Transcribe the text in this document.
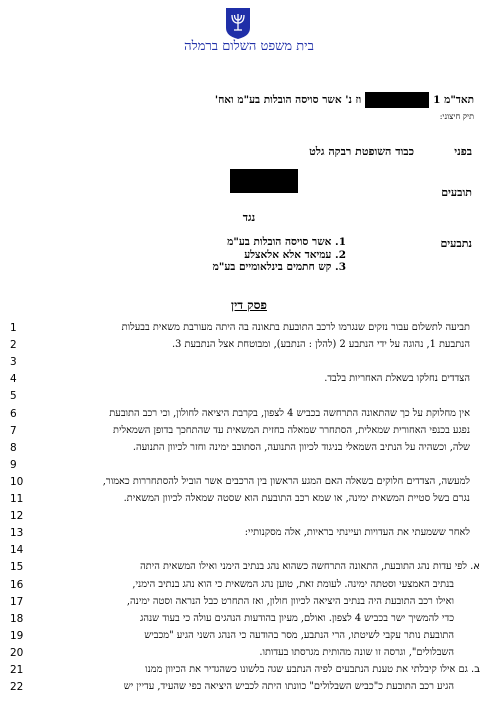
בית משפט השלום ברמלה
תאד"מ 1וז נ' אשר סויסה הובלות בע"מ ואח'
תיק חיצוני:
בפני
כבוד השופטת רבקה גלט
תובעים
נגד
נתבעים
1. אשר סויסה הובלות בע"מ
2. עמיאד אלא אלאצלע
3. קש חתמים בינלאומיים בע"מ
פסק דין
1	תביעה לתשלום עבור נזקים שנגרמו לרכב התובעת בתאונה בה היתה מעורבת משאית בבעלות
2	הנתבעת 1, נהוגה על ידי הנתבע 2 (להלן : הנתבע), ומבוטחת אצל הנתבעת 3.
3
4	הצדדים נחלקו בשאלת האחריות בלבד.
5
6	אין מחלוקת על כך שהתאונה התרחשה בכביש 4 לצפון, בקרבת היציאה לחולון, וכי רכב התובעת
7	נפגע בכנפי האחורית שמאלית, הסתחרר שמאלה בחזית המשאית עד שהתחכך בדופן השמאלית
8	שלה, וכשהיה על הנתיב השמאלי בניגוד לכיוון התנועה, הסתובב ימינה וחזר לכיוון התנועה.
9
10	למעשה, הצדדים חלוקים בשאלה האם המגע הראשון בין הרכבים אשר הוביל להסתחררות כאמור,
11	נגרם בשל סטיית המשאית ימינה, או שמא רכב התובעת הוא שסטה שמאלה לכיוון המשאית.
12
13	לאחר ששמעתי את העדויות ועיינתי בראיות, אלה מסקנותיי:
14
15	א. לפי עדות נהג התובעת, התאונה התרחשה כשהוא נהג בנתיב הימני ואילו המשאית היתה
16	בנתיב האמצעי וסטתה ימינה. לעומת זאת, טוען נהג המשאית כי הוא נהג בנתיב הימני,
17	ואילו רכב התובעת היה בנתיב היציאה לכיוון חולון, ואז התחרט כבל הנראה וסטה ימינה,
18	כדי להמשיך ישר בכביש 4 לצפון. ואולם, מעיון בהודעות הנהגים עולה כי בעוד שנהג
19	התובעת נותר עקבי לשיטתו, הרי הנתבע, מסר בהודעה כי הנהג השני הגיע "מכביש
20	השבלולים", וגרסה זו שונה מהותית מגרסתו בעדותו.
21	ב. גם אילו קיבלתי את טענת הנתבעים לפיה הנתבע שגה בלשונו כשהגדיר את הכיוון ממנו
22	הגיע רכב התובעת כ"כביש השבלולים" כוונתו היתה לכביש היציאה כפי שהעיד, עדיין יש
